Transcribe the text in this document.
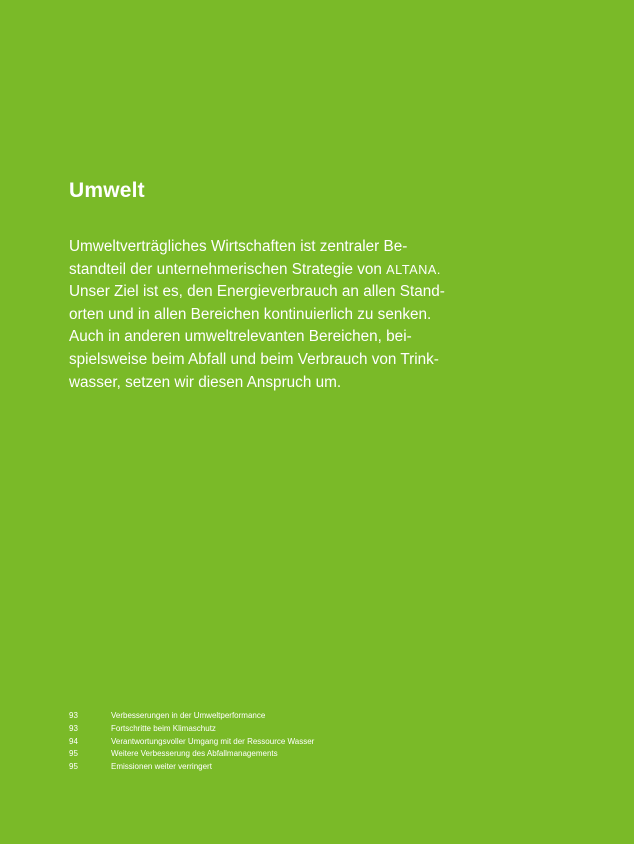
Umwelt

Umweltverträgliches Wirtschaften ist zentraler Be-
standteil der unternehmerischen Strategie von ALTANA.
Unser Ziel ist es, den Energieverbrauch an allen Stand-
orten und in allen Bereichen kontinuierlich zu senken.
Auch in anderen umweltrelevanten Bereichen, bei-
spielsweise beim Abfall und beim Verbrauch von Trink-
wasser, setzen wir diesen Anspruch um.

93	Verbesserungen in der Umweltperformance
93	Fortschritte beim Klimaschutz
94	Verantwortungsvoller Umgang mit der Ressource Wasser
95	Weitere Verbesserung des Abfallmanagements
95	Emissionen weiter verringert
